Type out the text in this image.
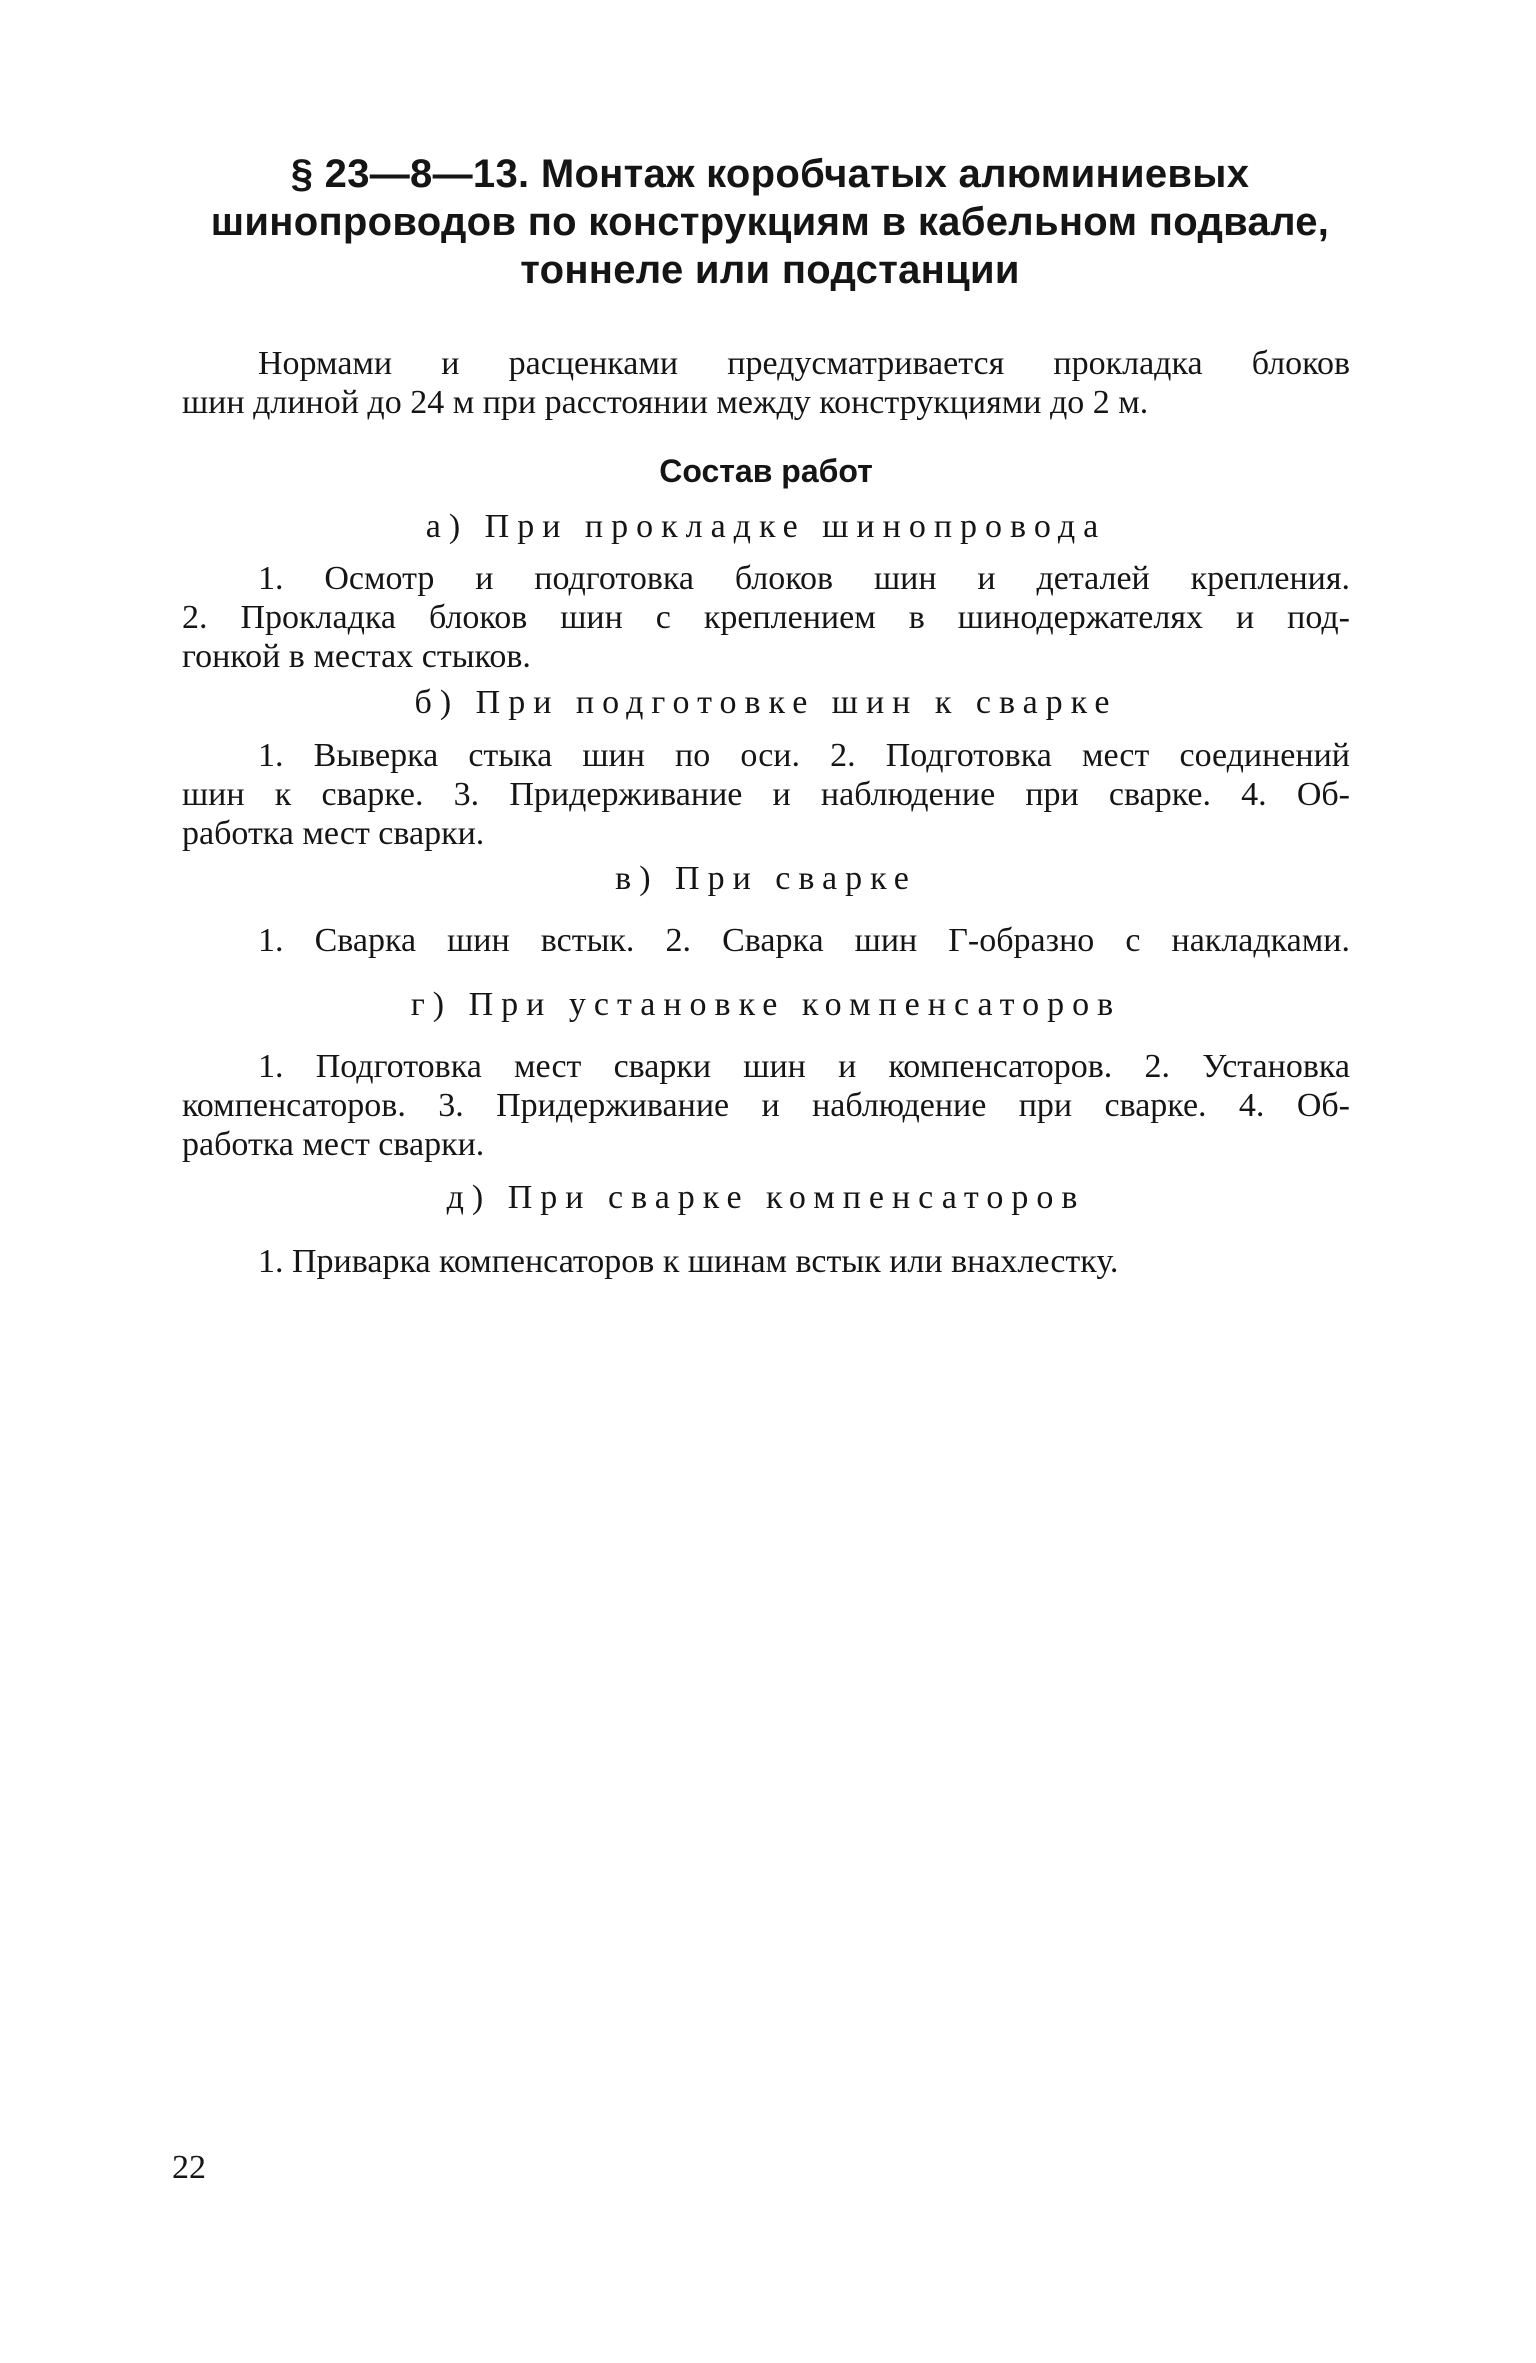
§ 23—8—13. Монтаж коробчатых алюминиевых
шинопроводов по конструкциям в кабельном подвале,
тоннеле или подстанции
Нормами и расценками предусматривается прокладка блоков
шин длиной до 24 м при расстоянии между конструкциями до 2 м.
Состав работ
а) При прокладке шинопровода
1. Осмотр и подготовка блоков шин и деталей крепления.
2. Прокладка блоков шин с креплением в шинодержателях и под-
гонкой в местах стыков.
б) При подготовке шин к сварке
1. Выверка стыка шин по оси. 2. Подготовка мест соединений
шин к сварке. 3. Придерживание и наблюдение при сварке. 4. Об-
работка мест сварки.
в) При сварке
1. Сварка шин встык. 2. Сварка шин Г-образно с накладками.
г) При установке компенсаторов
1. Подготовка мест сварки шин и компенсаторов. 2. Установка
компенсаторов. 3. Придерживание и наблюдение при сварке. 4. Об-
работка мест сварки.
д) При сварке компенсаторов
1. Приварка компенсаторов к шинам встык или внахлестку.
22
